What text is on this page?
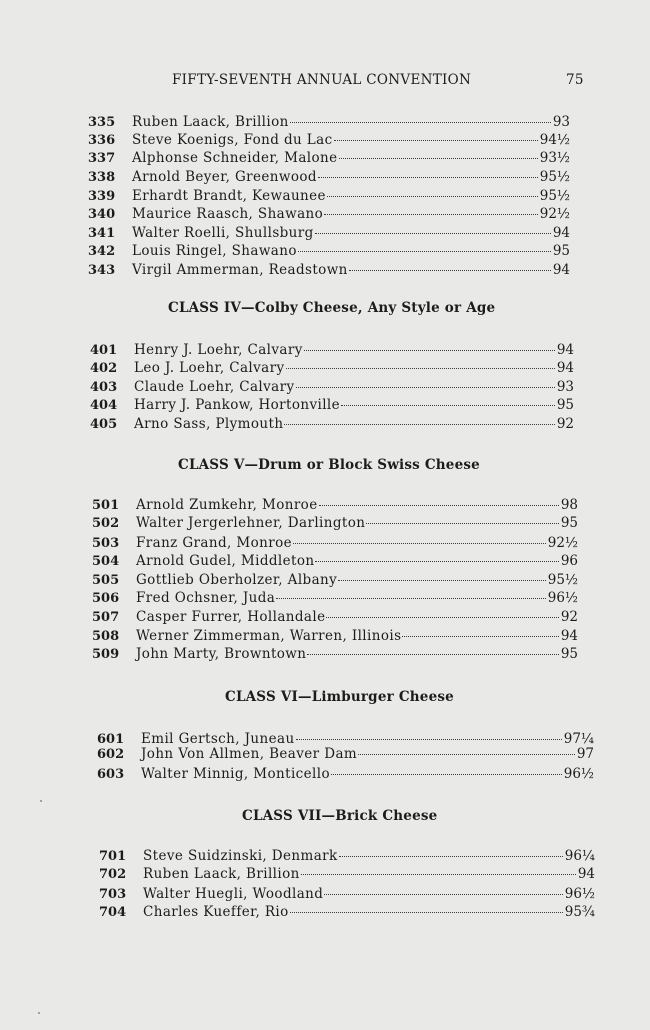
FIFTY-SEVENTH ANNUAL CONVENTION	75
335	Ruben Laack, Brillion	93
336	Steve Koenigs, Fond du Lac	94½
337	Alphonse Schneider, Malone	93½
338	Arnold Beyer, Greenwood	95½
339	Erhardt Brandt, Kewaunee	95½
340	Maurice Raasch, Shawano	92½
341	Walter Roelli, Shullsburg	94
342	Louis Ringel, Shawano	95
343	Virgil Ammerman, Readstown	94
CLASS IV—Colby Cheese, Any Style or Age
401	Henry J. Loehr, Calvary	94
402	Leo J. Loehr, Calvary	94
403	Claude Loehr, Calvary	93
404	Harry J. Pankow, Hortonville	95
405	Arno Sass, Plymouth	92
CLASS V—Drum or Block Swiss Cheese
501	Arnold Zumkehr, Monroe	98
502	Walter Jergerlehner, Darlington	95
503	Franz Grand, Monroe	92½
504	Arnold Gudel, Middleton	96
505	Gottlieb Oberholzer, Albany	95½
506	Fred Ochsner, Juda	96½
507	Casper Furrer, Hollandale	92
508	Werner Zimmerman, Warren, Illinois	94
509	John Marty, Browntown	95
CLASS VI—Limburger Cheese
601	Emil Gertsch, Juneau	97¼
602	John Von Allmen, Beaver Dam	97
603	Walter Minnig, Monticello	96½
CLASS VII—Brick Cheese
701	Steve Suidzinski, Denmark	96¼
702	Ruben Laack, Brillion	94
703	Walter Huegli, Woodland	96½
704	Charles Kueffer, Rio	95¾
